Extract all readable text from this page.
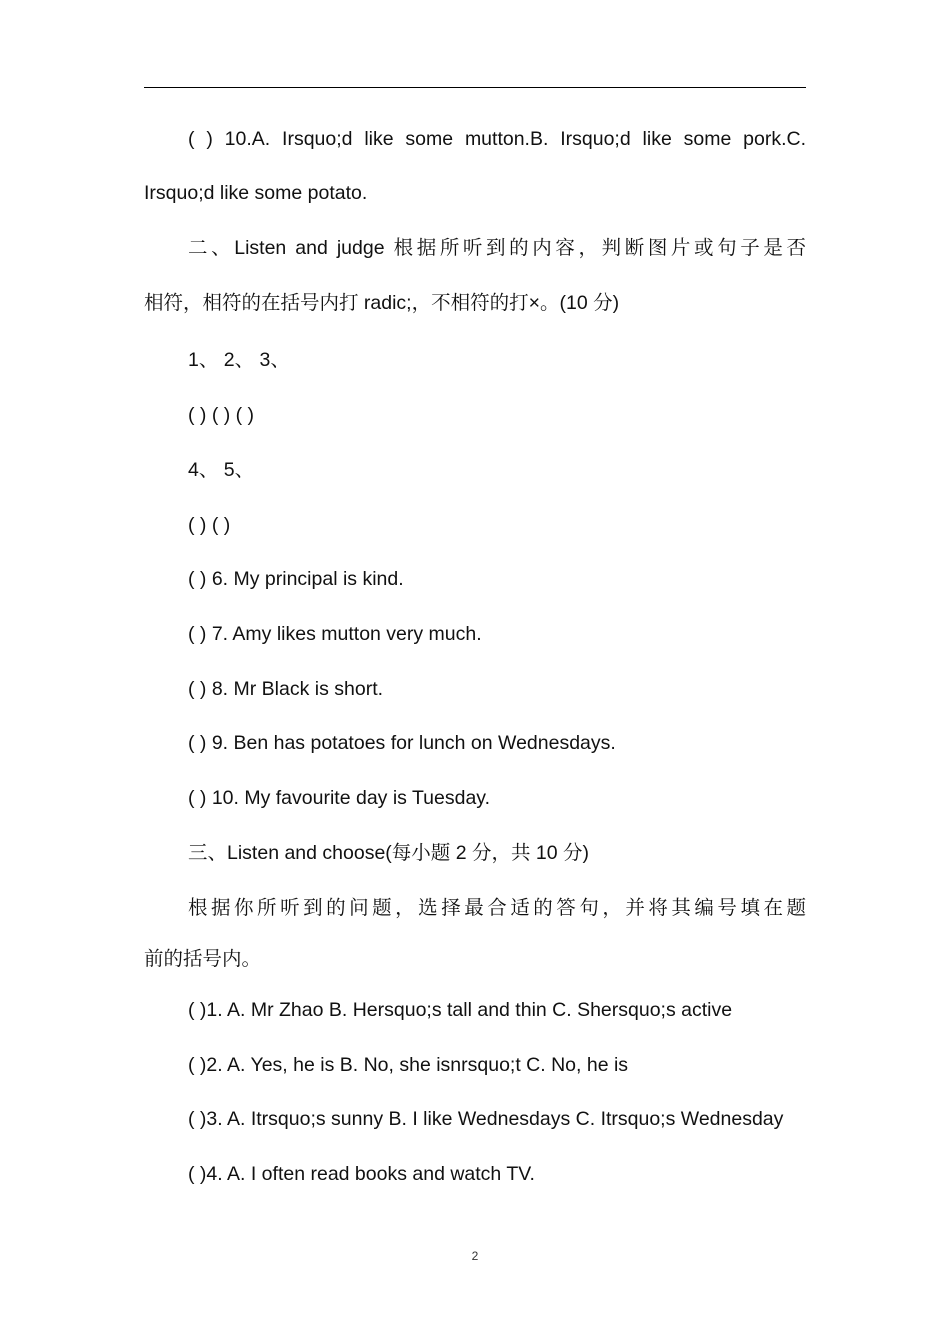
( ) 10.A. Irsquo;d like some mutton.B. Irsquo;d like some pork.C.
Irsquo;d like some potato.
二、Listen and judge 根据所听到的内容，判断图片或句子是否
相符，相符的在括号内打 radic;，不相符的打×。(10 分)
1、 2、 3、
( ) ( ) ( )
4、 5、
( ) ( )
( ) 6. My principal is kind.
( ) 7. Amy likes mutton very much.
( ) 8. Mr Black is short.
( ) 9. Ben has potatoes for lunch on Wednesdays.
( ) 10. My favourite day is Tuesday.
三、Listen and choose(每小题 2 分，共 10 分)
根据你所听到的问题，选择最合适的答句，并将其编号填在题
前的括号内。
( )1. A. Mr Zhao B. Hersquo;s tall and thin C. Shersquo;s active
( )2. A. Yes, he is B. No, she isnrsquo;t C. No, he is
( )3. A. Itrsquo;s sunny B. I like Wednesdays C. Itrsquo;s Wednesday
( )4. A. I often read books and watch TV.
2
